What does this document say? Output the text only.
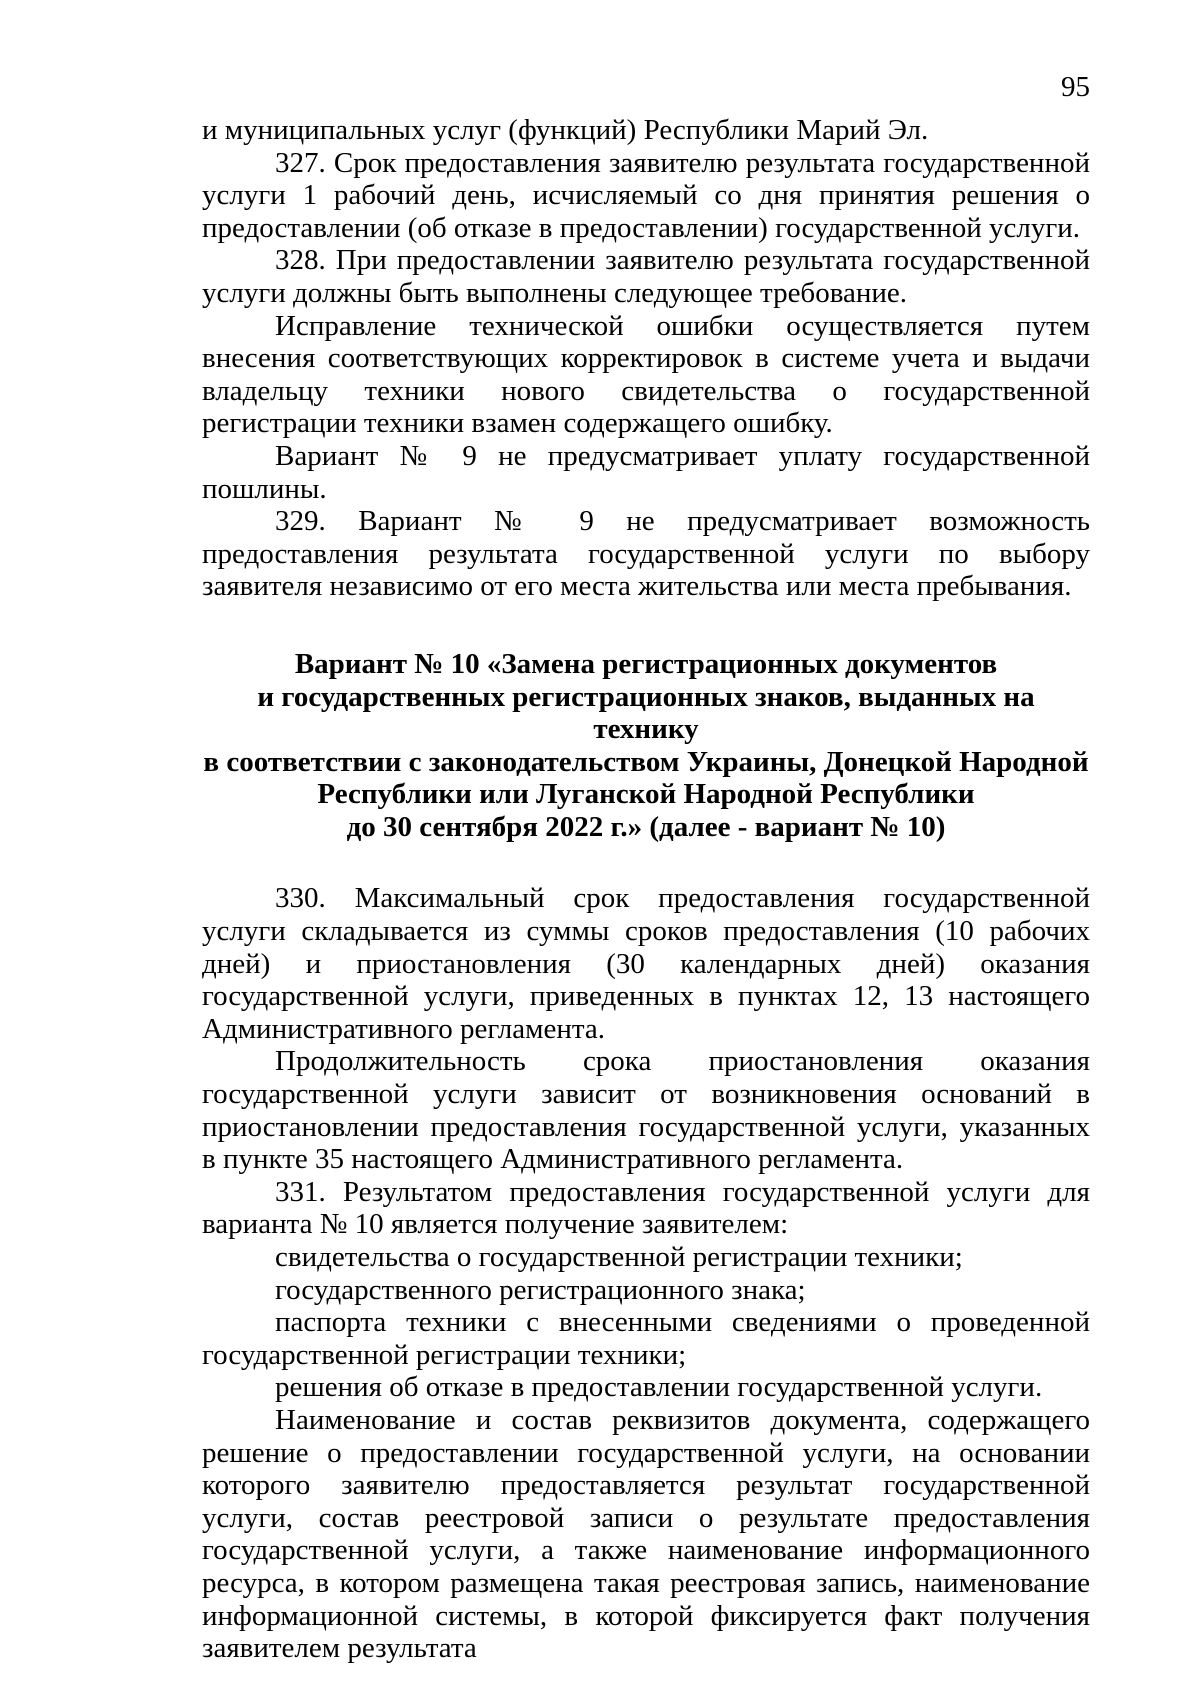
95

и муниципальных услуг (функций) Республики Марий Эл.

327. Срок предоставления заявителю результата государственной услуги 1 рабочий день, исчисляемый со дня принятия решения о предоставлении (об отказе в предоставлении) государственной услуги.

328. При предоставлении заявителю результата государственной услуги должны быть выполнены следующее требование.

Исправление технической ошибки осуществляется путем внесения соответствующих корректировок в системе учета и выдачи владельцу техники нового свидетельства о государственной регистрации техники взамен содержащего ошибку.

Вариант № 9 не предусматривает уплату государственной пошлины.

329. Вариант № 9 не предусматривает возможность предоставления результата государственной услуги по выбору заявителя независимо от его места жительства или места пребывания.

Вариант № 10 «Замена регистрационных документов
и государственных регистрационных знаков, выданных на технику
в соответствии с законодательством Украины, Донецкой Народной
Республики или Луганской Народной Республики
до 30 сентября 2022 г.» (далее - вариант № 10)

330. Максимальный срок предоставления государственной услуги складывается из суммы сроков предоставления (10 рабочих дней) и приостановления (30 календарных дней) оказания государственной услуги, приведенных в пунктах 12, 13 настоящего Административного регламента.

Продолжительность срока приостановления оказания государственной услуги зависит от возникновения оснований в приостановлении предоставления государственной услуги, указанных в пункте 35 настоящего Административного регламента.

331. Результатом предоставления государственной услуги для варианта № 10 является получение заявителем:

свидетельства о государственной регистрации техники;

государственного регистрационного знака;

паспорта техники с внесенными сведениями о проведенной государственной регистрации техники;

решения об отказе в предоставлении государственной услуги.

Наименование и состав реквизитов документа, содержащего решение о предоставлении государственной услуги, на основании которого заявителю предоставляется результат государственной услуги, состав реестровой записи о результате предоставления государственной услуги, а также наименование информационного ресурса, в котором размещена такая реестровая запись, наименование информационной системы, в которой фиксируется факт получения заявителем результата
